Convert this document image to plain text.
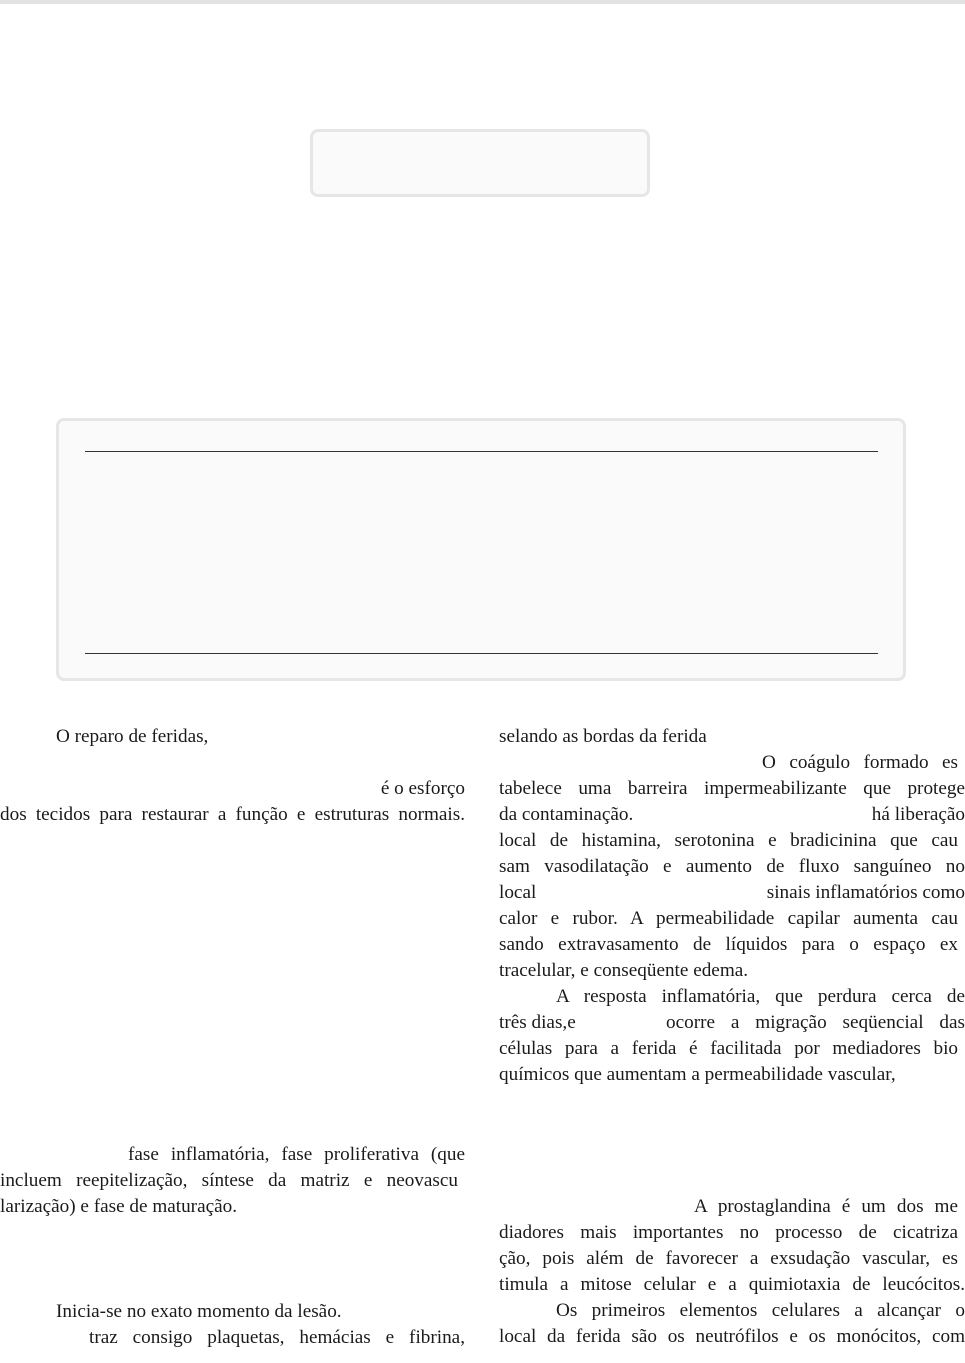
O reparo de feridas,
é o esforço
dos tecidos para restaurar a função e estruturas normais.
fase inflamatória, fase proliferativa (que
incluem reepitelização, síntese da matriz e neovascu
larização) e fase de maturação.
Inicia-se no exato momento da lesão.
traz consigo plaquetas, hemácias e fibrina,
selando as bordas da ferida
O coágulo formado es
tabelece uma barreira impermeabilizante que protege
da contaminação.	há liberação
local de histamina, serotonina e bradicinina que cau
sam vasodilatação e aumento de fluxo sanguíneo no
local	sinais inflamatórios como
calor e rubor. A permeabilidade capilar aumenta cau
sando extravasamento de líquidos para o espaço ex
tracelular, e conseqüente edema.
A resposta inflamatória, que perdura cerca de
três dias,e	ocorre a migração seqüencial das
células para a ferida é facilitada por mediadores bio
químicos que aumentam a permeabilidade vascular,
A prostaglandina é um dos me
diadores mais importantes no processo de cicatriza
ção, pois além de favorecer a exsudação vascular, es
timula a mitose celular e a quimiotaxia de leucócitos.
Os primeiros elementos celulares a alcançar o
local da ferida são os neutrófilos e os monócitos, com
